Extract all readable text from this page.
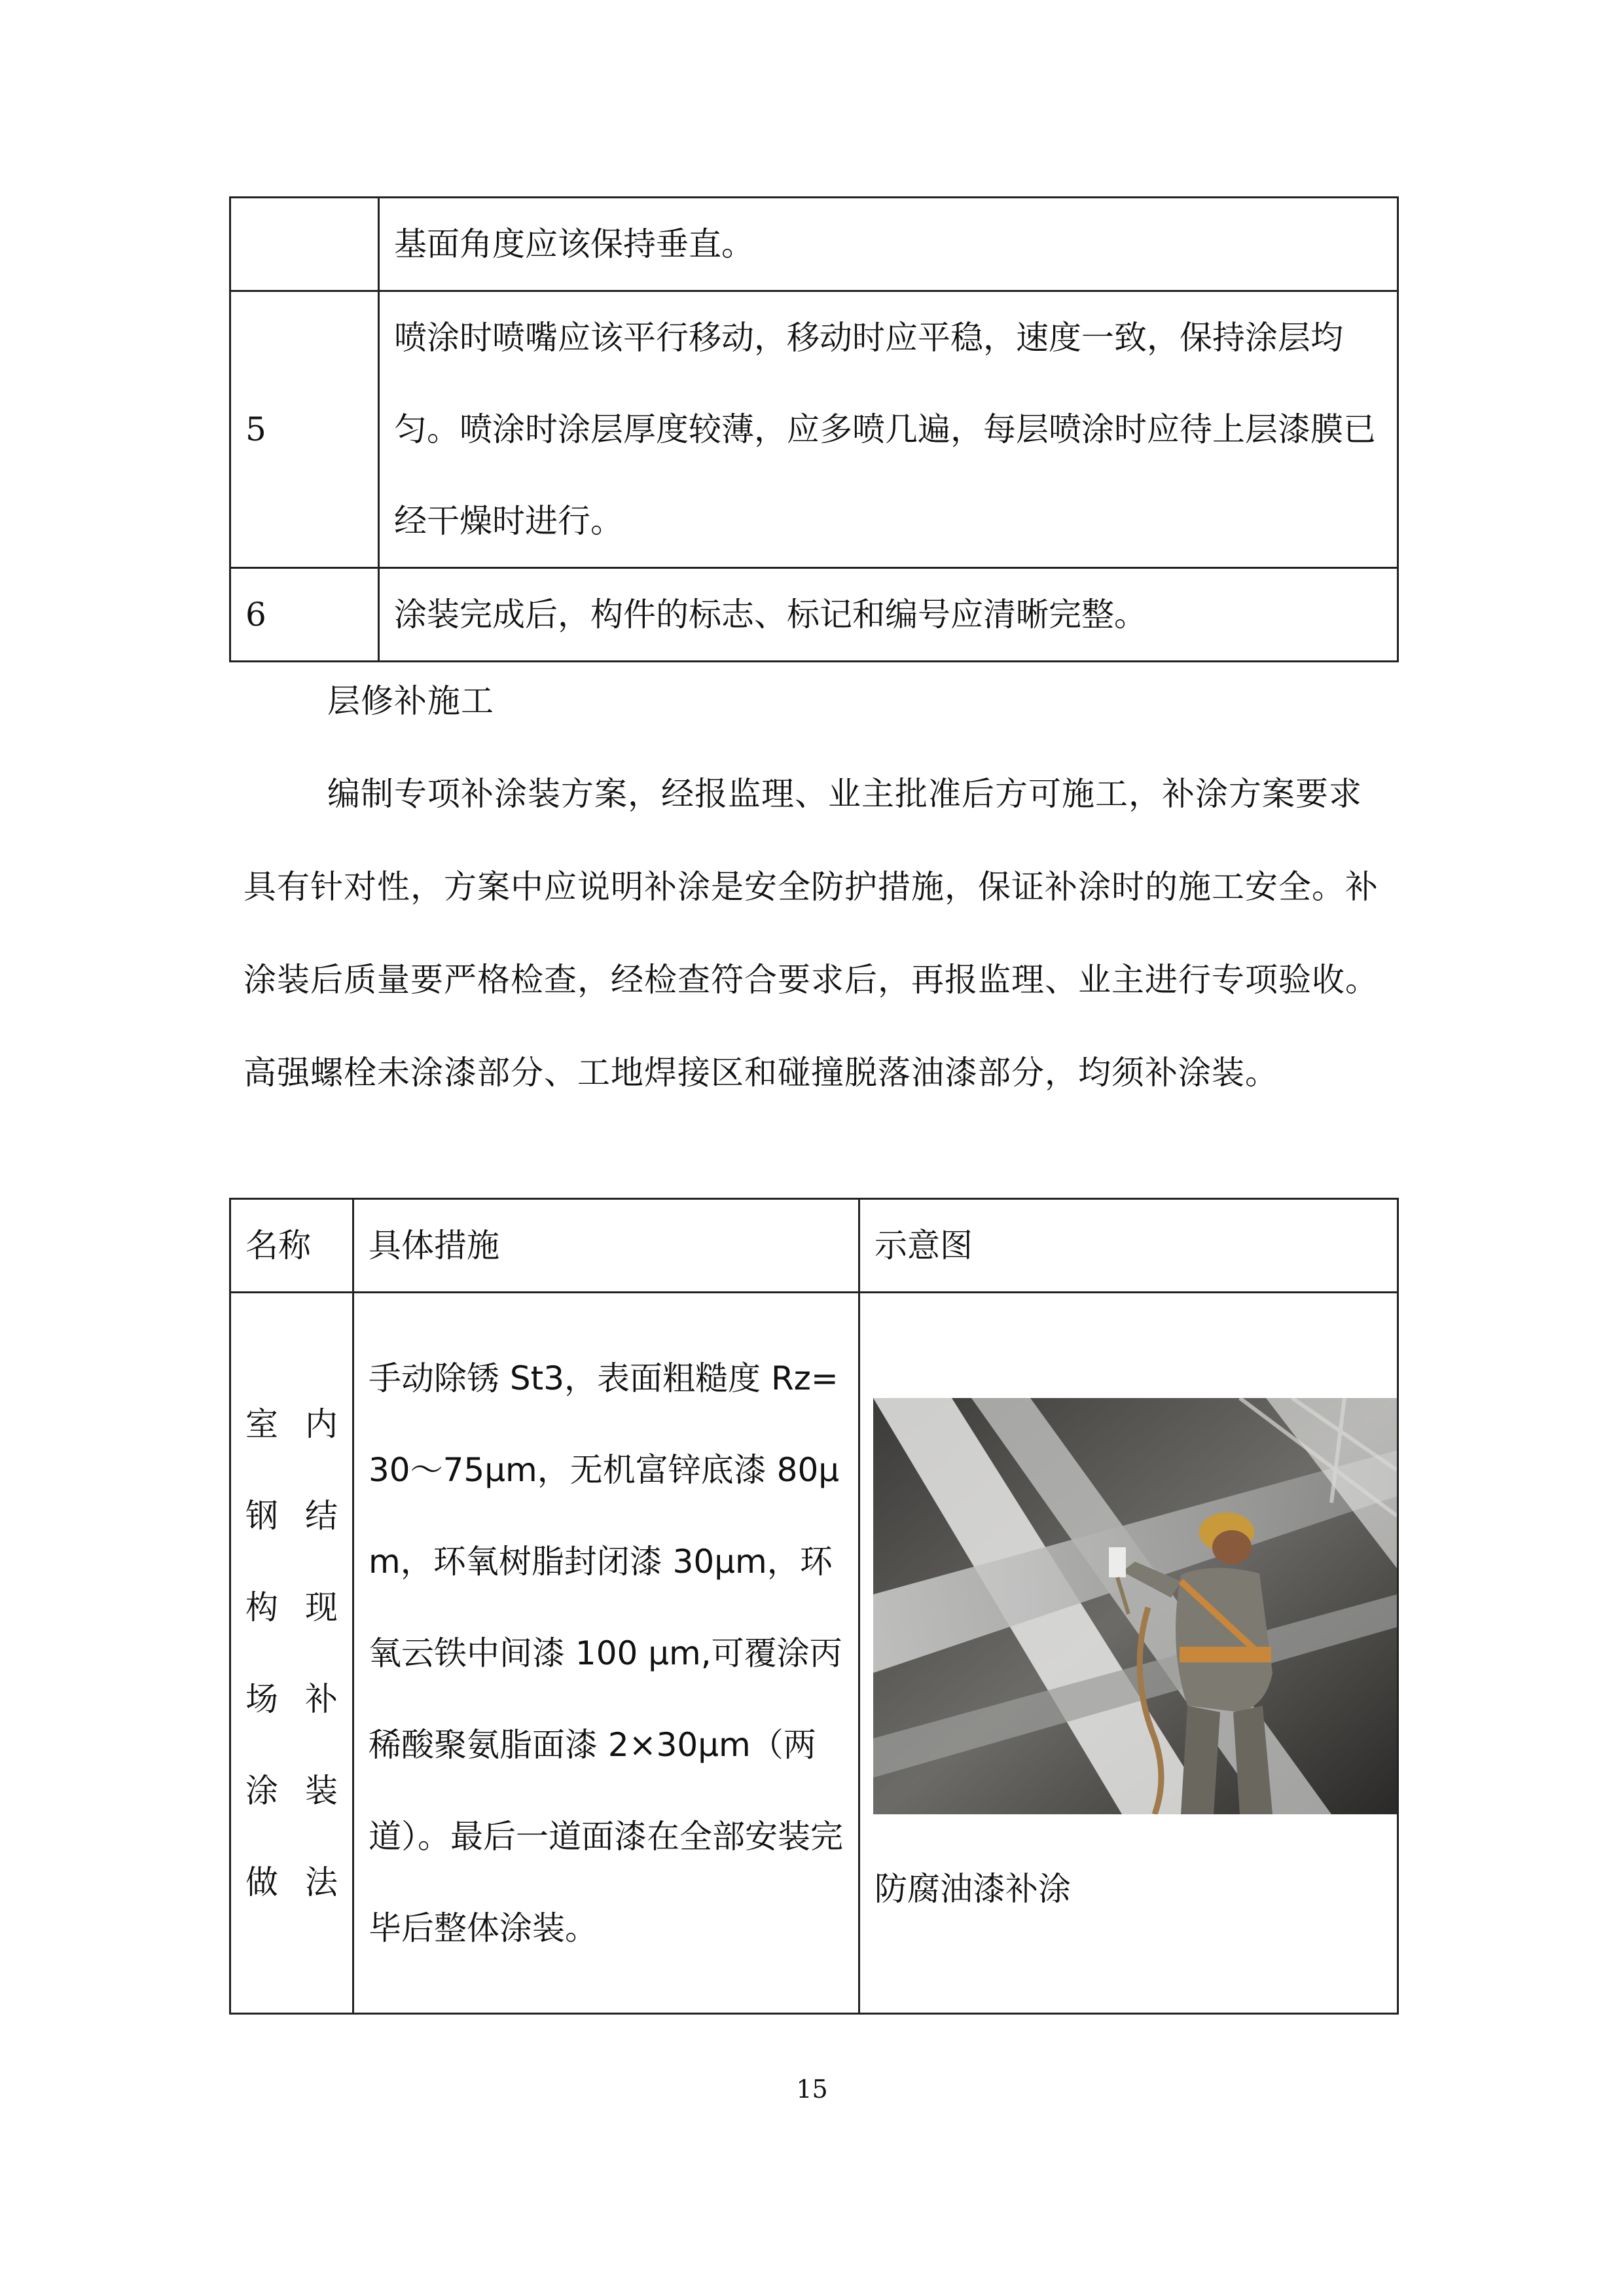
	基面角度应该保持垂直。
5	喷涂时喷嘴应该平行移动，移动时应平稳，速度一致，保持涂层均匀。喷涂时涂层厚度较薄，应多喷几遍，每层喷涂时应待上层漆膜已经干燥时进行。
6	涂装完成后，构件的标志、标记和编号应清晰完整。
层修补施工
编制专项补涂装方案，经报监理、业主批准后方可施工，补涂方案要求具有针对性，方案中应说明补涂是安全防护措施，保证补涂时的施工安全。补涂装后质量要严格检查，经检查符合要求后，再报监理、业主进行专项验收。高强螺栓未涂漆部分、工地焊接区和碰撞脱落油漆部分，均须补涂装。
名称	具体措施	示意图

室内钢结构现场补涂装做法	手动除锈 St3，表面粗糙度 Rz=30～75μm，无机富锌底漆 80μm，环氧树脂封闭漆 30μm，环氧云铁中间漆 100 μm,可覆涂丙稀酸聚氨脂面漆 2×30μm（两道）。最后一道面漆在全部安装完毕后整体涂装。	防腐油漆补涂
15
